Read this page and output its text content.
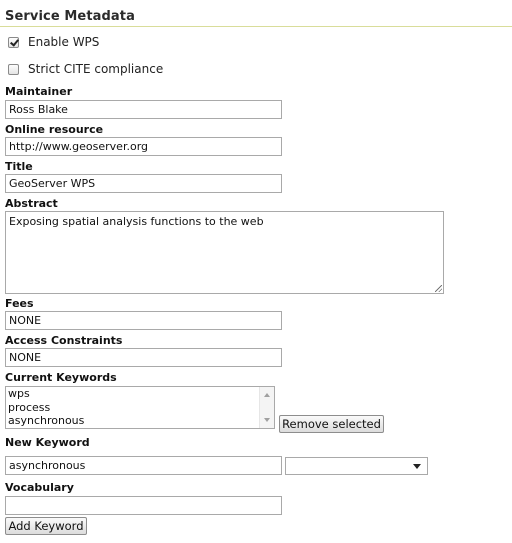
Service Metadata
Enable WPS
Strict CITE compliance
Maintainer
Ross Blake
Online resource
http://www.geoserver.org
Title
GeoServer WPS
Abstract
Exposing spatial analysis functions to the web
Fees
NONE
Access Constraints
NONE
Current Keywords
wps
process
asynchronous	Remove selected
New Keyword
asynchronous
Vocabulary
Add Keyword
